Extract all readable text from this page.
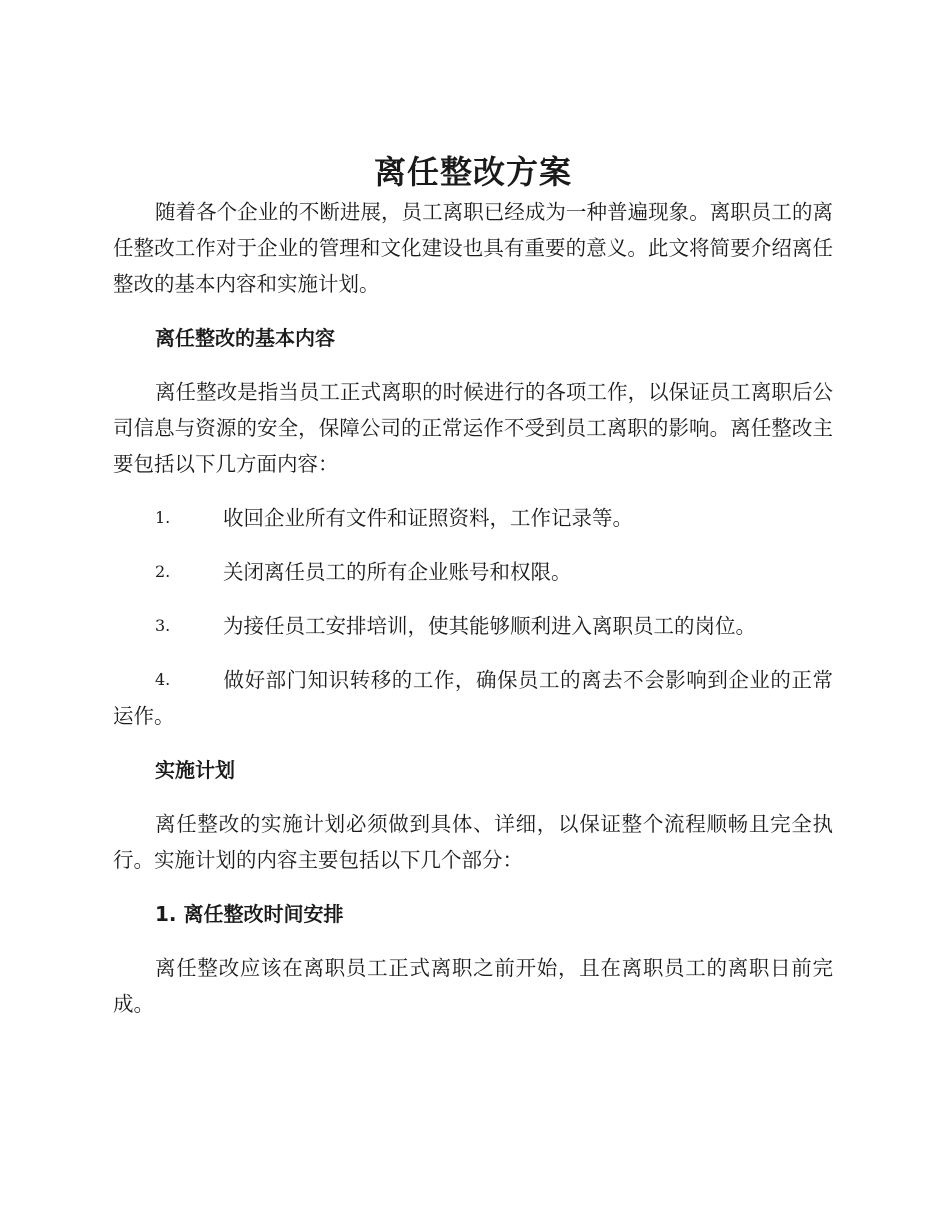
离任整改方案

随着各个企业的不断进展，员工离职已经成为一种普遍现象。离职员工的离任整改工作对于企业的管理和文化建设也具有重要的意义。此文将简要介绍离任整改的基本内容和实施计划。

离任整改的基本内容

离任整改是指当员工正式离职的时候进行的各项工作，以保证员工离职后公司信息与资源的安全，保障公司的正常运作不受到员工离职的影响。离任整改主要包括以下几方面内容：

1.	收回企业所有文件和证照资料，工作记录等。

2.	关闭离任员工的所有企业账号和权限。

3.	为接任员工安排培训，使其能够顺利进入离职员工的岗位。

4.	做好部门知识转移的工作，确保员工的离去不会影响到企业的正常运作。

实施计划

离任整改的实施计划必须做到具体、详细，以保证整个流程顺畅且完全执行。实施计划的内容主要包括以下几个部分：

1. 离任整改时间安排

离任整改应该在离职员工正式离职之前开始，且在离职员工的离职日前完成。
